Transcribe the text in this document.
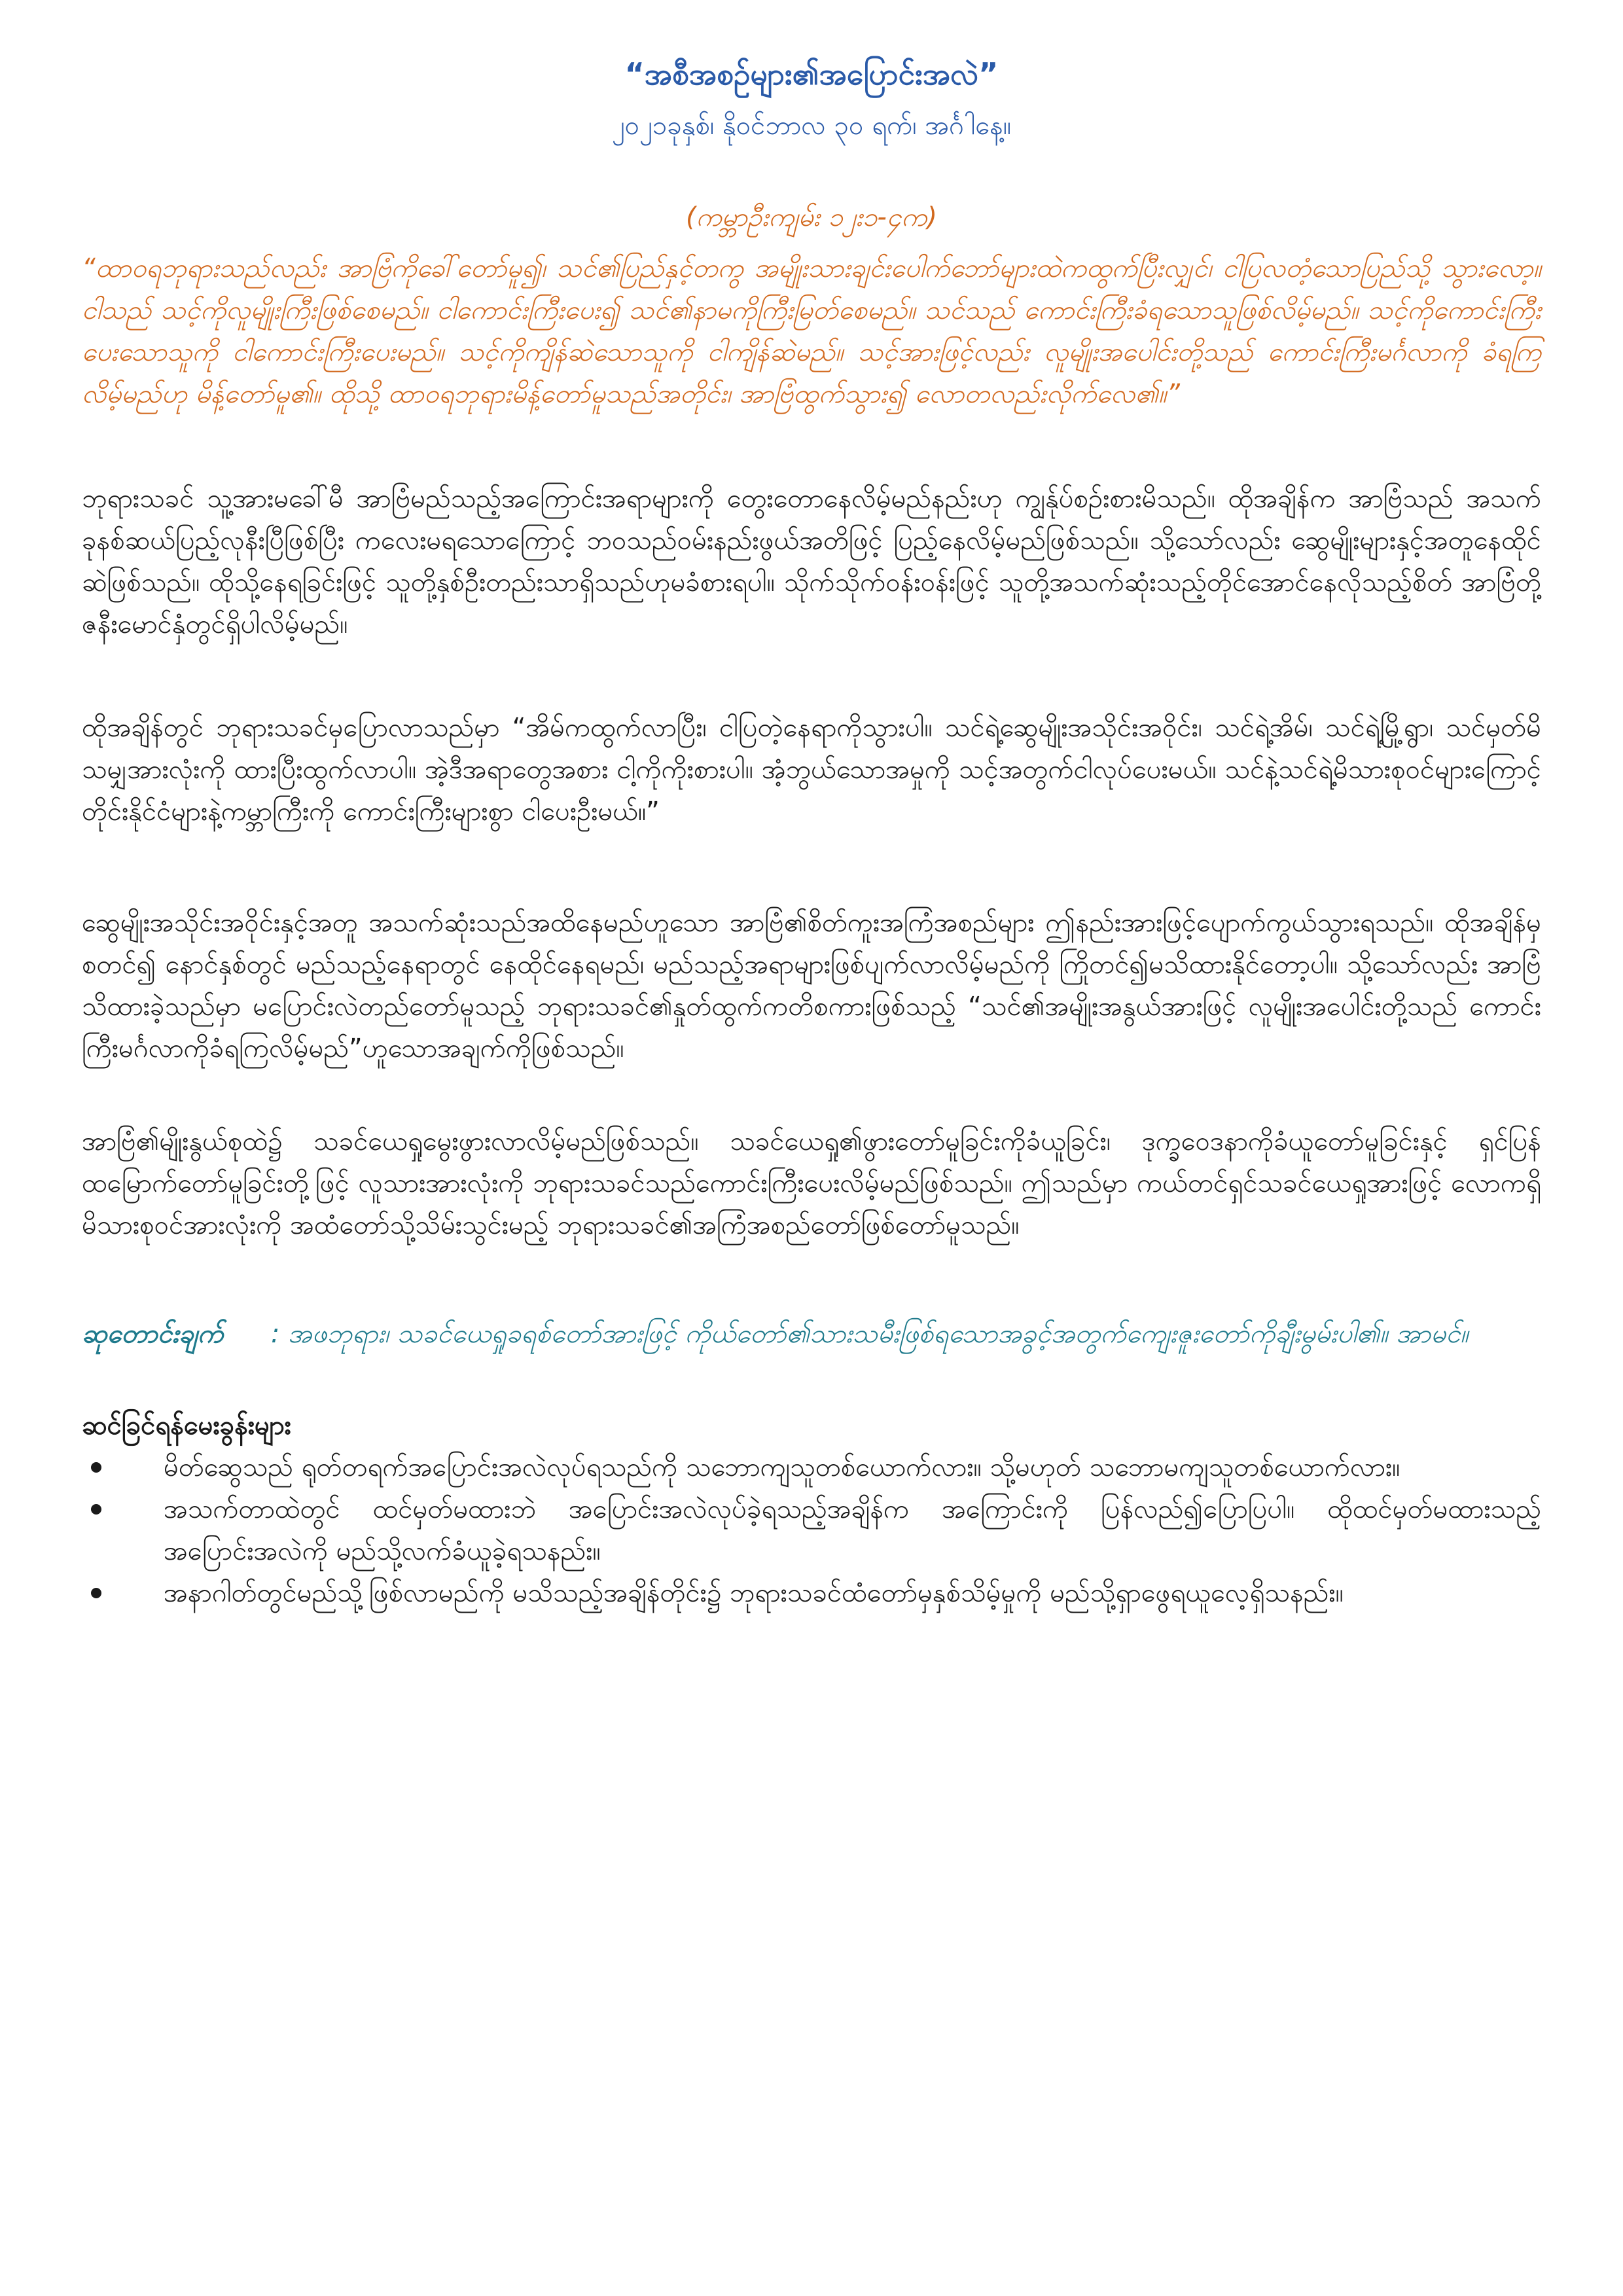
“အစီအစဉ်များ၏အပြောင်းအလဲ”
၂၀၂၁ခုနှစ်၊ နိုဝင်ဘာလ ၃၀ ရက်၊ အင်္ဂါနေ့။
(ကမ္ဘာဦးကျမ်း ၁၂း၁-၄က)
“ထာဝရဘုရားသည်လည်း အာဗြံကိုခေါ်တော်မူ၍၊ သင်၏ပြည်နှင့်တကွ အမျိုးသားချင်းပေါက်ဘော်များထဲကထွက်ပြီးလျှင်၊ ငါပြလတံ့သောပြည်သို့ သွားလော့။ ငါသည် သင့်ကိုလူမျိုးကြီးဖြစ်စေမည်။ ငါကောင်းကြီးပေး၍ သင်၏နာမကိုကြီးမြတ်စေမည်။ သင်သည် ကောင်းကြီးခံရသောသူဖြစ်လိမ့်မည်။ သင့်ကိုကောင်းကြီးပေးသောသူကို ငါကောင်းကြီးပေးမည်။ သင့်ကိုကျိန်ဆဲသောသူကို ငါကျိန်ဆဲမည်။ သင့်အားဖြင့်လည်း လူမျိုးအပေါင်းတို့သည် ကောင်းကြီးမင်္ဂလာကို ခံရကြလိမ့်မည်ဟု မိန့်တော်မူ၏။ ထိုသို့ ထာဝရဘုရားမိန့်တော်မူသည်အတိုင်း၊ အာဗြံထွက်သွား၍ လောတလည်းလိုက်လေ၏။”
ဘုရားသခင် သူ့အားမခေါ်မီ အာဗြံမည်သည့်အကြောင်းအရာများကို တွေးတောနေလိမ့်မည်နည်းဟု ကျွန်ုပ်စဉ်းစားမိသည်။ ထိုအချိန်က အာဗြံသည် အသက်ခုနစ်ဆယ်ပြည့်လုနီးပြီဖြစ်ပြီး ကလေးမရသောကြောင့် ဘဝသည်ဝမ်းနည်းဖွယ်အတိဖြင့် ပြည့်နေလိမ့်မည်ဖြစ်သည်။ သို့သော်လည်း ဆွေမျိုးများနှင့်အတူနေထိုင်ဆဲဖြစ်သည်။ ထိုသို့နေရခြင်းဖြင့် သူတို့နှစ်ဦးတည်းသာရှိသည်ဟုမခံစားရပါ။ သိုက်သိုက်ဝန်းဝန်းဖြင့် သူတို့အသက်ဆုံးသည့်တိုင်အောင်နေလိုသည့်စိတ် အာဗြံတို့ဇနီးမောင်နှံတွင်ရှိပါလိမ့်မည်။
ထိုအချိန်တွင် ဘုရားသခင်မှပြောလာသည်မှာ “အိမ်ကထွက်လာပြီး၊ ငါပြတဲ့နေရာကိုသွားပါ။ သင်ရဲ့ဆွေမျိုးအသိုင်းအဝိုင်း၊ သင်ရဲ့အိမ်၊ သင်ရဲ့မြို့ရွာ၊ သင်မှတ်မိသမျှအားလုံးကို ထားပြီးထွက်လာပါ။ အဲ့ဒီအရာတွေအစား ငါ့ကိုကိုးစားပါ။ အံ့ဘွယ်သောအမှုကို သင့်အတွက်ငါလုပ်ပေးမယ်။ သင်နဲ့သင်ရဲ့မိသားစုဝင်များကြောင့် တိုင်းနိုင်ငံများနဲ့ကမ္ဘာကြီးကို ကောင်းကြီးများစွာ ငါပေးဦးမယ်။”
ဆွေမျိုးအသိုင်းအဝိုင်းနှင့်အတူ အသက်ဆုံးသည်အထိနေမည်ဟူသော အာဗြံ၏စိတ်ကူးအကြံအစည်များ ဤနည်းအားဖြင့်ပျောက်ကွယ်သွားရသည်။ ထိုအချိန်မှစတင်၍ နောင်နှစ်တွင် မည်သည့်နေရာတွင် နေထိုင်နေရမည်၊ မည်သည့်အရာများဖြစ်ပျက်လာလိမ့်မည်ကို ကြိုတင်၍မသိထားနိုင်တော့ပါ။ သို့သော်လည်း အာဗြံသိထားခဲ့သည်မှာ မပြောင်းလဲတည်တော်မူသည့် ဘုရားသခင်၏နှုတ်ထွက်ကတိစကားဖြစ်သည့် “သင်၏အမျိုးအနွယ်အားဖြင့် လူမျိုးအပေါင်းတို့သည် ကောင်းကြီးမင်္ဂလာကိုခံရကြလိမ့်မည်”ဟူသောအချက်ကိုဖြစ်သည်။
အာဗြံ၏မျိုးနွယ်စုထဲ၌ သခင်ယေရှုမွေးဖွားလာလိမ့်မည်ဖြစ်သည်။ သခင်ယေရှု၏ဖွားတော်မူခြင်းကိုခံယူခြင်း၊ ဒုက္ခဝေဒနာကိုခံယူတော်မူခြင်းနှင့် ရှင်ပြန်ထမြောက်တော်မူခြင်းတို့ဖြင့် လူသားအားလုံးကို ဘုရားသခင်သည်ကောင်းကြီးပေးလိမ့်မည်ဖြစ်သည်။ ဤသည်မှာ ကယ်တင်ရှင်သခင်ယေရှုအားဖြင့် လောကရှိမိသားစုဝင်အားလုံးကို အထံတော်သို့သိမ်းသွင်းမည့် ဘုရားသခင်၏အကြံအစည်တော်ဖြစ်တော်မူသည်။
ဆုတောင်းချက် : အဖဘုရား၊ သခင်ယေရှုခရစ်တော်အားဖြင့် ကိုယ်တော်၏သားသမီးဖြစ်ရသောအခွင့်အတွက်ကျေးဇူးတော်ကိုချီးမွမ်းပါ၏။ အာမင်။
ဆင်ခြင်ရန်မေးခွန်းများ
မိတ်ဆွေသည် ရုတ်တရက်အပြောင်းအလဲလုပ်ရသည်ကို သဘောကျသူတစ်ယောက်လား။ သို့မဟုတ် သဘောမကျသူတစ်ယောက်လား။
အသက်တာထဲတွင် ထင်မှတ်မထားဘဲ အပြောင်းအလဲလုပ်ခဲ့ရသည့်အချိန်က အကြောင်းကို ပြန်လည်၍ပြောပြပါ။ ထိုထင်မှတ်မထားသည့် အပြောင်းအလဲကို မည်သို့လက်ခံယူခဲ့ရသနည်း။
အနာဂါတ်တွင်မည်သို့ဖြစ်လာမည်ကို မသိသည့်အချိန်တိုင်း၌ ဘုရားသခင်ထံတော်မှနှစ်သိမ့်မှုကို မည်သို့ရှာဖွေရယူလေ့ရှိသနည်း။
